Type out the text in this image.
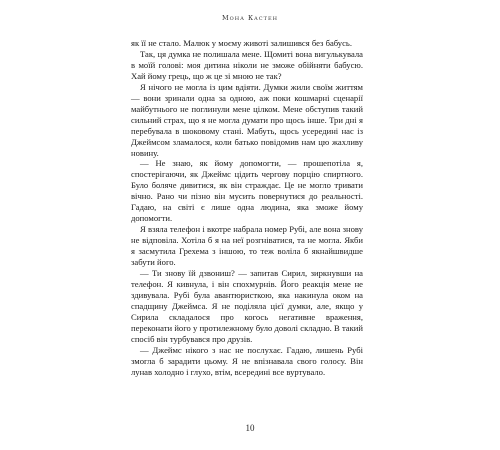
Мона Кастен

як її не стало. Малюк у моєму животі залишився без бабусь.

Так, ця думка не полишала мене. Щомиті вона вигулькувала в моїй голові: моя дитина ніколи не зможе обійняти бабусю. Хай йому грець, що ж це зі мною не так?

Я нічого не могла із цим вдіяти. Думки жили своїм життям — вони зринали одна за одною, аж поки кошмарні сценарії майбутнього не поглинули мене цілком. Мене обступив такий сильний страх, що я не могла думати про щось інше. Три дні я перебувала в шоковому стані. Мабуть, щось усередині нас із Джеймсом зламалося, коли батько повідомив нам цю жахливу новину.

— Не знаю, як йому допомогти, — прошепотіла я, спостерігаючи, як Джеймс цідить чергову порцію спиртного. Було боляче дивитися, як він страждає. Це не могло тривати вічно. Рано чи пізно він мусить повернутися до реальності. Гадаю, на світі є лише одна людина, яка зможе йому допомогти.

Я взяла телефон і вкотре набрала номер Рубі, але вона знову не відповіла. Хотіла б я на неї розгніватися, та не могла. Якби я засмутила Грехема з іншою, то теж воліла б якнайшвидше забути його.

— Ти знову їй дзвониш? — запитав Сирил, зиркнувши на телефон. Я кивнула, і він спохмурнів. Його реакція мене не здивувала. Рубі була авантюристкою, яка накинула оком на спадщину Джеймса. Я не поділяла цієї думки, але, якщо у Сирила складалося про когось негативне враження, переконати його у протилежному було доволі складно. В такий спосіб він турбувався про друзів.

— Джеймс нікого з нас не послухає. Гадаю, лишень Рубі змогла б зарадити цьому. Я не впізнавала свого голосу. Він лунав холодно і глухо, втім, всередині все вуртувало.

10
